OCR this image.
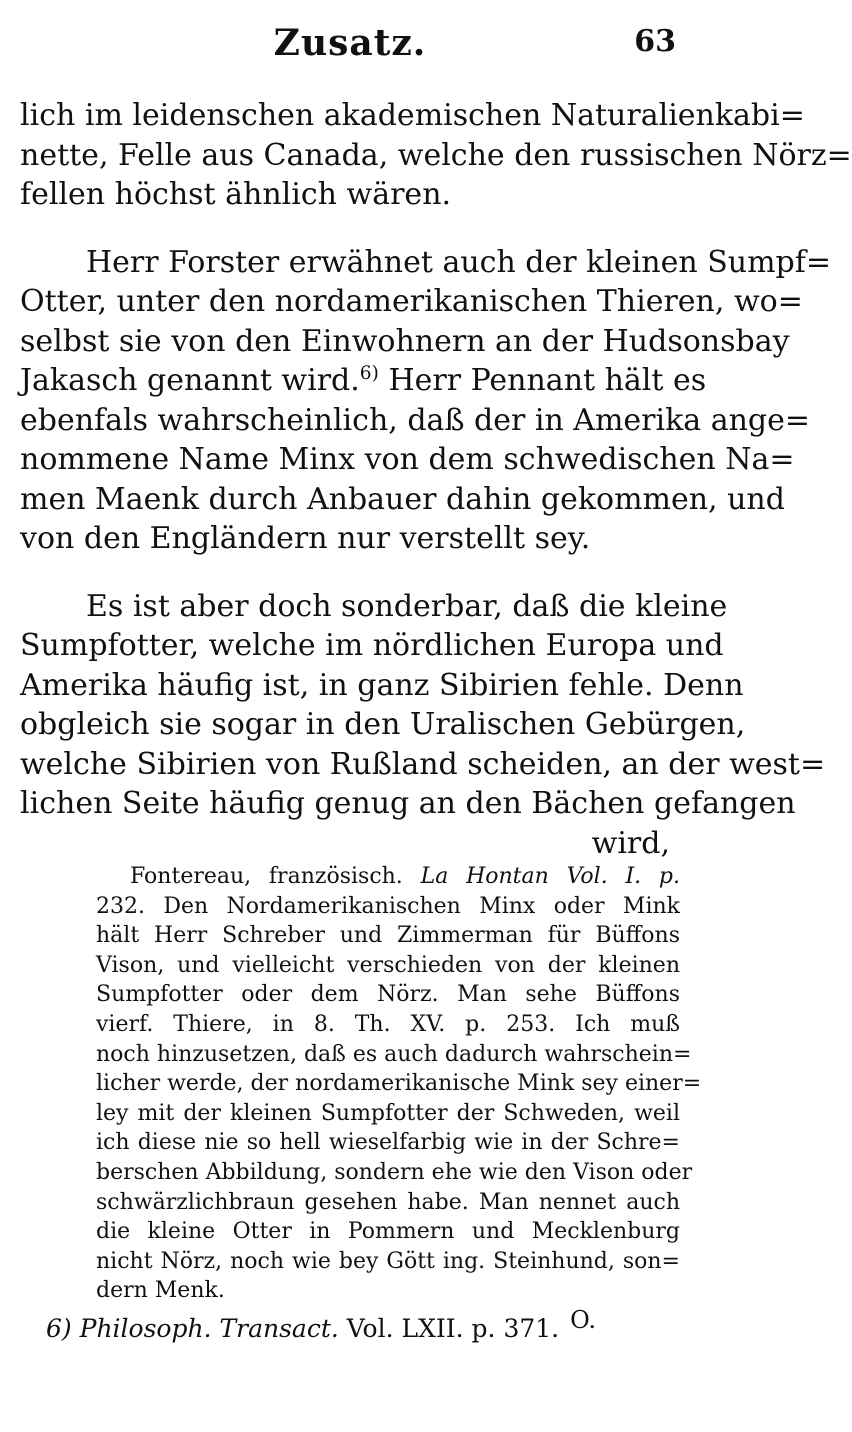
Zusatz.	63
lich im leidenschen akademischen Naturalienkabi=
nette, Felle aus Canada, welche den russischen Nörz=
fellen höchst ähnlich wären.
Herr Forster erwähnet auch der kleinen Sumpf=
Otter, unter den nordamerikanischen Thieren, wo=
selbst sie von den Einwohnern an der Hudsonsbay
Jakasch genannt wird.$^{6)}$ Herr Pennant hält es
ebenfals wahrscheinlich, daß der in Amerika ange=
nommene Name Minx von dem schwedischen Na=
men Maenk durch Anbauer dahin gekommen, und
von den Engländern nur verstellt sey.
Es ist aber doch sonderbar, daß die kleine
Sumpfotter, welche im nördlichen Europa und
Amerika häufig ist, in ganz Sibirien fehle. Denn
obgleich sie sogar in den Uralischen Gebürgen,
welche Sibirien von Rußland scheiden, an der west=
lichen Seite häufig genug an den Bächen gefangen
wird,
Fontereau, französisch. La Hontan Vol. I. p.
232. Den Nordamerikanischen Minx oder Mink
hält Herr Schreber und Zimmerman für Büffons
Vison, und vielleicht verschieden von der kleinen
Sumpfotter oder dem Nörz. Man sehe Büffons
vierf. Thiere, in 8. Th. XV. p. 253. Ich muß
noch hinzusetzen, daß es auch dadurch wahrschein=
licher werde, der nordamerikanische Mink sey einer=
ley mit der kleinen Sumpfotter der Schweden, weil
ich diese nie so hell wieselfarbig wie in der Schre=
berschen Abbildung, sondern ehe wie den Vison oder
schwärzlichbraun gesehen habe. Man nennet auch
die kleine Otter in Pommern und Mecklenburg
nicht Nörz, noch wie bey Gött ing. Steinhund, son=
dern Menk.
O.
6) Philosoph. Transact. Vol. LXII. p. 371.
